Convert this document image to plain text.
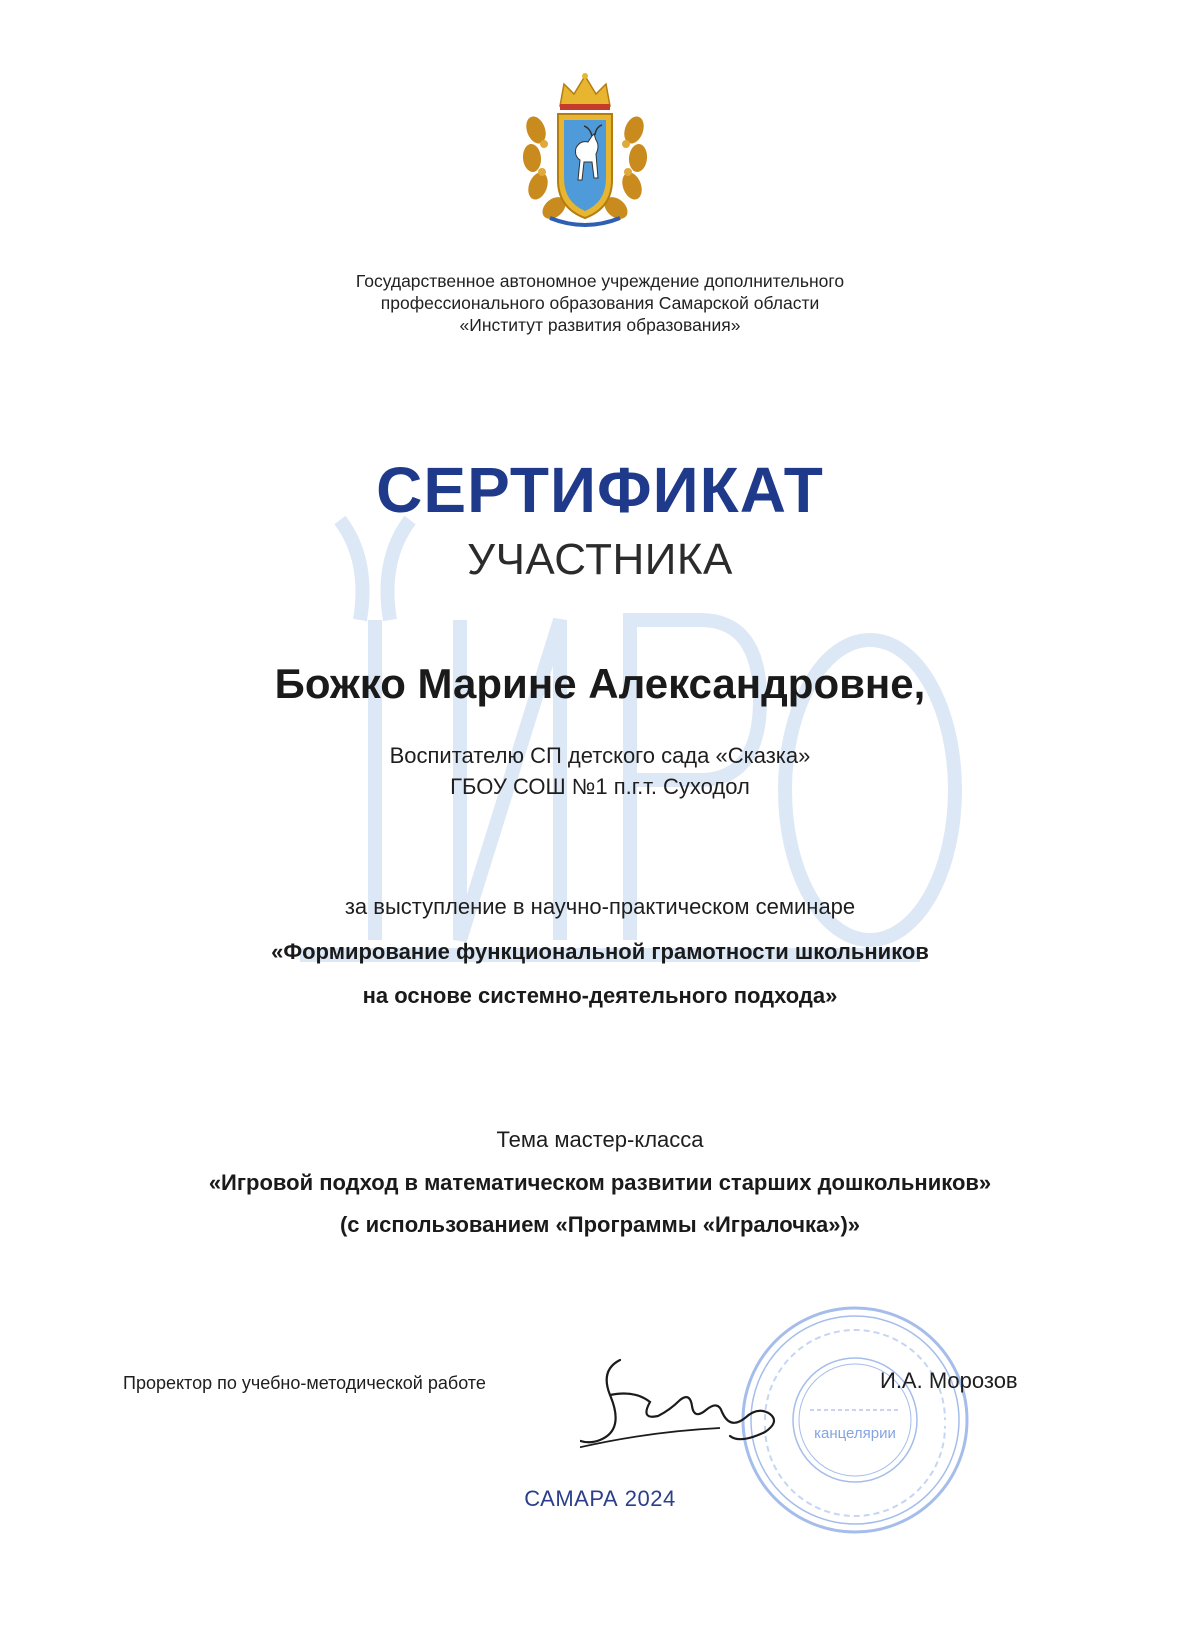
Государственное автономное учреждение дополнительного
профессионального образования Самарской области
«Институт развития образования»
СЕРТИФИКАТ
УЧАСТНИКА
Божко Марине Александровне,
Воспитателю СП детского сада «Сказка»
ГБОУ СОШ №1 п.г.т. Суходол
за выступление в научно-практическом семинаре
«Формирование функциональной грамотности школьников
на основе системно-деятельного подхода»
Тема мастер-класса
«Игровой подход в математическом развитии старших дошкольников»
(с использованием «Программы «Игралочка»)»
канцелярии
Проректор по учебно-методической работе	И.А. Морозов
САМАРА 2024
